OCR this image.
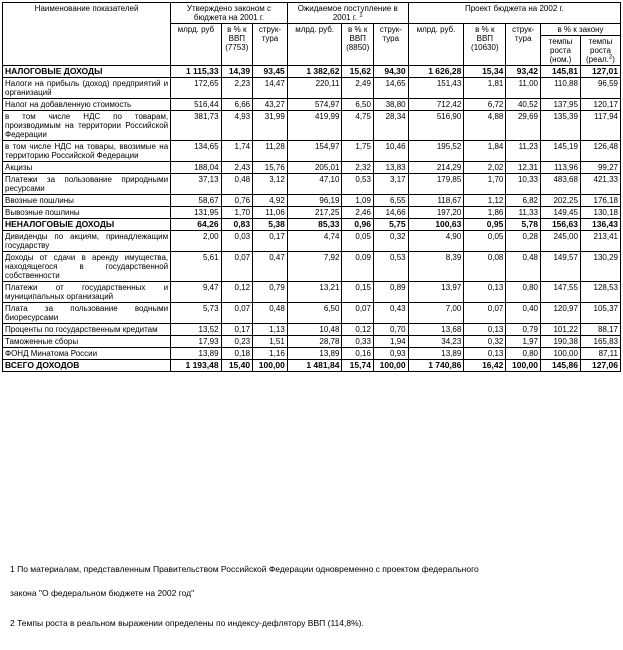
Наименование показателей	Утверждено законом с бюджета на 2001 г.			Ожидаемое поступление в 2001 г. $^1$			Проект бюджета на 2002 г.				
	млрд. руб	в % к ВВП (7753)	струк-тура	млрд. руб.	в % к ВВП (8850)	струк-тура	млрд. руб.	в % к ВВП (10630)	струк-тура	в % к закону	
										темпы роста (ном.)	темпы роста (реал.$^2$)
НАЛОГОВЫЕ ДОХОДЫ	1 115,33	14,39	93,45	1 382,62	15,62	94,30	1 626,28	15,34	93,42	145,81	127,01
Налоги на прибыль (доход) предприятий и организаций	172,65	2,23	14,47	220,11	2,49	14,65	151,43	1,81	11,00	110,88	96,59
Налог на добавленную стоимость	516,44	6,66	43,27	574,97	6,50	38,80	712,42	6,72	40,52	137,95	120,17
в том числе НДС по товарам, производимым на территории Российской Федерации	381,73	4,93	31,99	419,99	4,75	28,34	516,90	4,88	29,69	135,39	117,94
в том числе НДС на товары, ввозимые на территорию Российской Федерации	134,65	1,74	11,28	154,97	1,75	10,46	195,52	1,84	11,23	145,19	126,48
Акцизы	188,04	2,43	15,76	205,01	2,32	13,83	214,29	2,02	12,31	113,96	99,27
Платежи за пользование природными ресурсами	37,13	0,48	3,12	47,10	0,53	3,17	179,85	1,70	10,33	483,68	421,33
Ввозные пошлины	58,67	0,76	4,92	96,19	1,09	6,55	118,67	1,12	6,82	202,25	176,18
Вывозные пошлины	131,95	1,70	11,06	217,25	2,46	14,66	197,20	1,86	11,33	149,45	130,18
НЕНАЛОГОВЫЕ ДОХОДЫ	64,26	0,83	5,38	85,33	0,96	5,75	100,63	0,95	5,78	156,63	136,43
Дивиденды по акциям, принадлежащим государству	2,00	0,03	0,17	4,74	0,05	0,32	4,90	0,05	0,28	245,00	213,41
Доходы от сдачи в аренду имущества, находящегося в государственной собственности	5,61	0,07	0,47	7,92	0,09	0,53	8,39	0,08	0,48	149,57	130,29
Платежи от государственных и муниципальных организаций	9,47	0,12	0,79	13,21	0,15	0,89	13,97	0,13	0,80	147,55	128,53
Плата за пользование водными биоресурсами	5,73	0,07	0,48	6,50	0,07	0,43	7,00	0,07	0,40	120,97	105,37
Проценты по государственным кредитам	13,52	0,17	1,13	10,48	0,12	0,70	13,68	0,13	0,79	101,22	88,17
Таможенные сборы	17,93	0,23	1,51	28,78	0,33	1,94	34,23	0,32	1,97	190,38	165,83
ФОНД Минатома России	13,89	0,18	1,16	13,89	0,16	0,93	13,89	0,13	0,80	100,00	87,11
ВСЕГО ДОХОДОВ	1 193,48	15,40	100,00	1 481,84	15,74	100,00	1 740,86	16,42	100,00	145,86	127,06
1 По материалам, представленным Правительством Российской Федерации одновременно с проектом федерального
закона "О федеральном бюджете на 2002 год"
2 Темпы роста в реальном выражении определены по индексу-дефлятору ВВП (114,8%).
